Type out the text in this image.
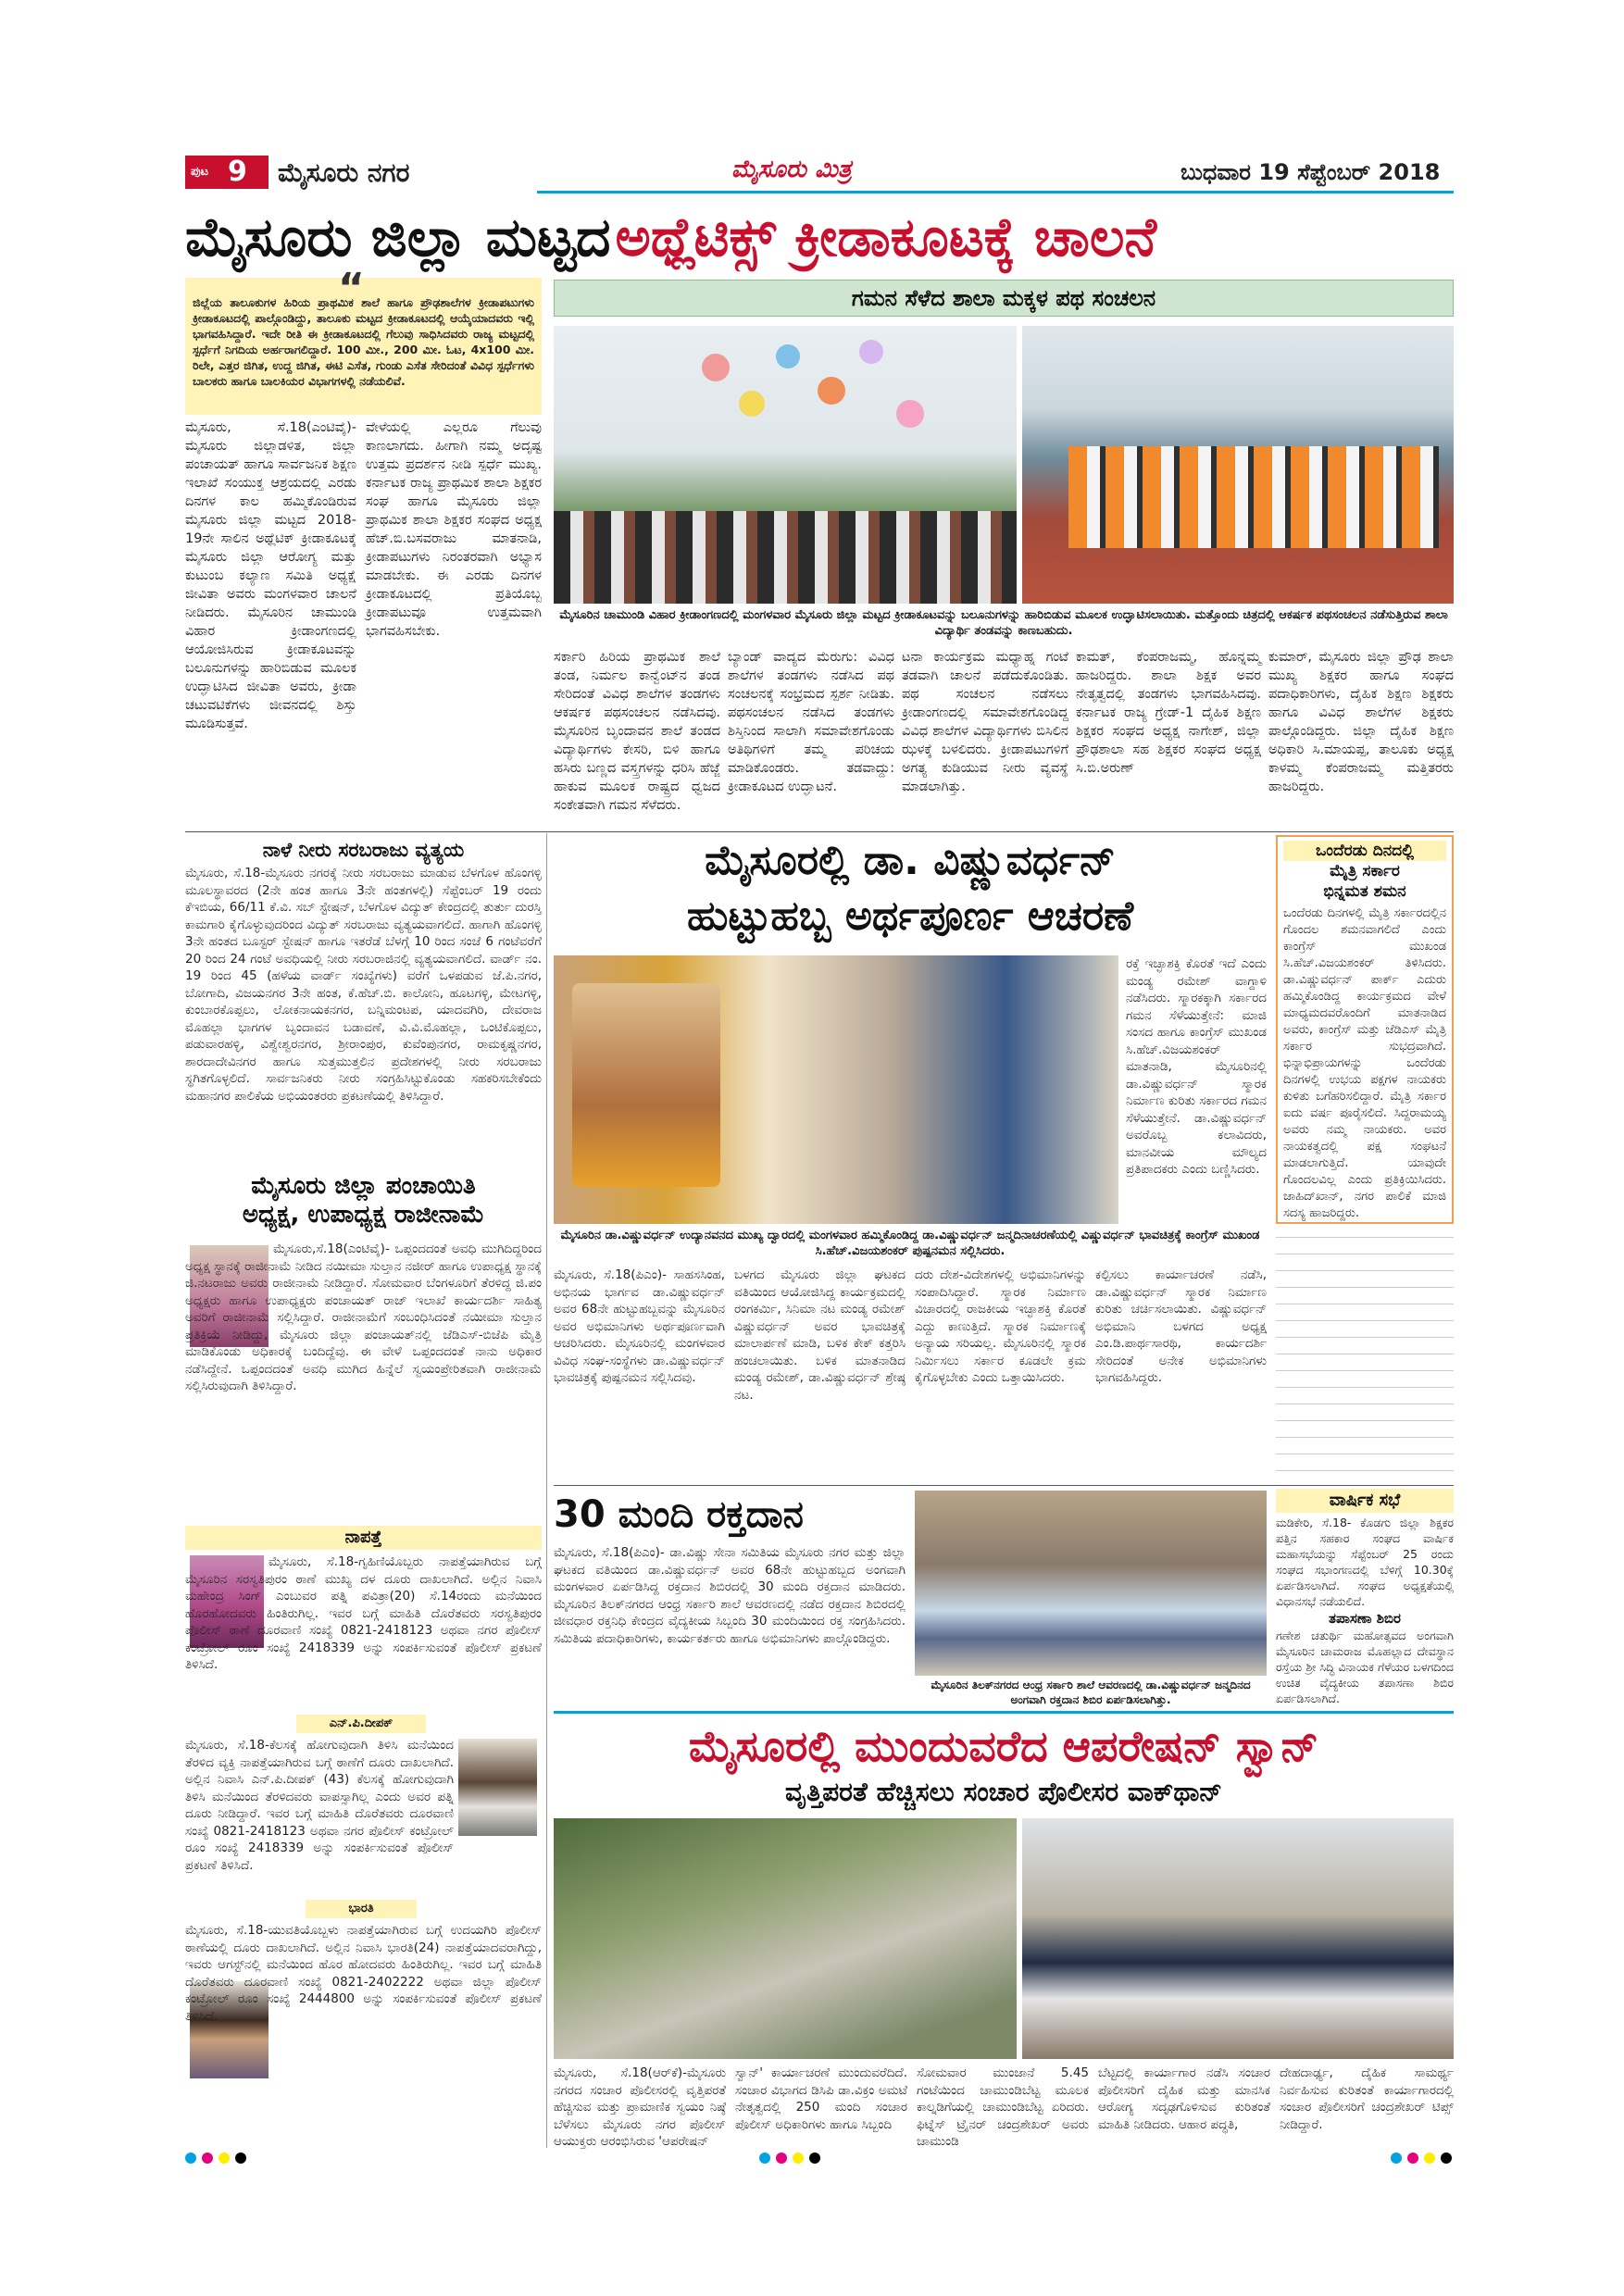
ಪುಟ 9 ಮೈಸೂರು ನಗರ	ಮೈಸೂರು ಮಿತ್ರ	ಬುಧವಾರ 19 ಸೆಪ್ಟೆಂಬರ್ 2018
ಮೈಸೂರು ಜಿಲ್ಲಾ ಮಟ್ಟದ ಅಥ್ಲೆಟಿಕ್ಸ್ ಕ್ರೀಡಾಕೂಟಕ್ಕೆ ಚಾಲನೆ
“
ಜಿಲ್ಲೆಯ ತಾಲೂಕುಗಳ ಹಿರಿಯ ಪ್ರಾಥಮಿಕ ಶಾಲೆ ಹಾಗೂ ಪ್ರೌಢಶಾಲೆಗಳ ಕ್ರೀಡಾಪಟುಗಳು ಕ್ರೀಡಾಕೂಟದಲ್ಲಿ ಪಾಲ್ಗೊಂಡಿದ್ದು, ತಾಲೂಕು ಮಟ್ಟದ ಕ್ರೀಡಾಕೂಟದಲ್ಲಿ ಆಯ್ಕೆಯಾದವರು ಇಲ್ಲಿ ಭಾಗವಹಿಸಿದ್ದಾರೆ. ಇದೇ ರೀತಿ ಈ ಕ್ರೀಡಾಕೂಟದಲ್ಲಿ ಗೆಲುವು ಸಾಧಿಸಿದವರು ರಾಜ್ಯ ಮಟ್ಟದಲ್ಲಿ ಸ್ಪರ್ಧೆಗೆ ನಿಗದಿಯ ಅರ್ಹರಾಗಲಿದ್ದಾರೆ. 100 ಮೀ., 200 ಮೀ. ಓಟ, 4x100 ಮೀ. ರಿಲೇ, ಎತ್ತರ ಜಿಗಿತ, ಉದ್ದ ಜಿಗಿತ, ಈಟಿ ಎಸೆತ, ಗುಂಡು ಎಸೆತ ಸೇರಿದಂತೆ ವಿವಿಧ ಸ್ಪರ್ಧೆಗಳು ಬಾಲಕರು ಹಾಗೂ ಬಾಲಕಿಯರ ವಿಭಾಗಗಳಲ್ಲಿ ನಡೆಯಲಿವೆ.
ಗಮನ ಸೆಳೆದ ಶಾಲಾ ಮಕ್ಕಳ ಪಥ ಸಂಚಲನ
ಮೈಸೂರಿನ ಚಾಮುಂಡಿ ವಿಹಾರ ಕ್ರೀಡಾಂಗಣದಲ್ಲಿ ಮಂಗಳವಾರ ಮೈಸೂರು ಜಿಲ್ಲಾ ಮಟ್ಟದ ಕ್ರೀಡಾಕೂಟವನ್ನು ಬಲೂನುಗಳನ್ನು ಹಾರಿಬಿಡುವ ಮೂಲಕ ಉದ್ಘಾಟಿಸಲಾಯಿತು. ಮತ್ತೊಂದು ಚಿತ್ರದಲ್ಲಿ ಆಕರ್ಷಕ ಪಥಸಂಚಲನ ನಡೆಸುತ್ತಿರುವ ಶಾಲಾ ವಿದ್ಯಾರ್ಥಿ ತಂಡವನ್ನು ಕಾಣಬಹುದು.
ಮೈಸೂರು, ಸೆ.18(ಎಂಟಿವೈ)- ಮೈಸೂರು ಜಿಲ್ಲಾಡಳಿತ, ಜಿಲ್ಲಾ ಪಂಚಾಯತ್ ಹಾಗೂ ಸಾರ್ವಜನಿಕ ಶಿಕ್ಷಣ ಇಲಾಖೆ ಸಂಯುಕ್ತ ಆಶ್ರಯದಲ್ಲಿ ಎರಡು ದಿನಗಳ ಕಾಲ ಹಮ್ಮಿಕೊಂಡಿರುವ ಮೈಸೂರು ಜಿಲ್ಲಾ ಮಟ್ಟದ 2018-19ನೇ ಸಾಲಿನ ಅಥ್ಲೆಟಿಕ್ ಕ್ರೀಡಾಕೂಟಕ್ಕೆ ಮೈಸೂರು ಜಿಲ್ಲಾ ಆರೋಗ್ಯ ಮತ್ತು ಕುಟುಂಬ ಕಲ್ಯಾಣ ಸಮಿತಿ ಅಧ್ಯಕ್ಷೆ ಜೀವಿತಾ ಅವರು ಮಂಗಳವಾರ ಚಾಲನೆ ನೀಡಿದರು. ಮೈಸೂರಿನ ಚಾಮುಂಡಿ ವಿಹಾರ ಕ್ರೀಡಾಂಗಣದಲ್ಲಿ ಆಯೋಜಿಸಿರುವ ಕ್ರೀಡಾಕೂಟವನ್ನು ಬಲೂನುಗಳನ್ನು ಹಾರಿಬಿಡುವ ಮೂಲಕ ಉದ್ಘಾಟಿಸಿದ ಜೀವಿತಾ ಅವರು, ಕ್ರೀಡಾ ಚಟುವಟಿಕೆಗಳು ಜೀವನದಲ್ಲಿ ಶಿಸ್ತು ಮೂಡಿಸುತ್ತವೆ.
ವೇಳೆಯಲ್ಲಿ ಎಲ್ಲರೂ ಗೆಲುವು ಕಾಣಲಾಗದು. ಹೀಗಾಗಿ ನಮ್ಮ ಅದೃಷ್ಟ ಉತ್ತಮ ಪ್ರದರ್ಶನ ನೀಡಿ ಸ್ಪರ್ಧೆ ಮುಖ್ಯ. ಕರ್ನಾಟಕ ರಾಜ್ಯ ಪ್ರಾಥಮಿಕ ಶಾಲಾ ಶಿಕ್ಷಕರ ಸಂಘ ಹಾಗೂ ಮೈಸೂರು ಜಿಲ್ಲಾ ಪ್ರಾಥಮಿಕ ಶಾಲಾ ಶಿಕ್ಷಕರ ಸಂಘದ ಅಧ್ಯಕ್ಷ ಹೆಚ್.ಬಿ.ಬಸವರಾಜು ಮಾತನಾಡಿ, ಕ್ರೀಡಾಪಟುಗಳು ನಿರಂತರವಾಗಿ ಅಭ್ಯಾಸ ಮಾಡಬೇಕು. ಈ ಎರಡು ದಿನಗಳ ಕ್ರೀಡಾಕೂಟದಲ್ಲಿ ಪ್ರತಿಯೊಬ್ಬ ಕ್ರೀಡಾಪಟುವೂ ಉತ್ತಮವಾಗಿ ಭಾಗವಹಿಸಬೇಕು.
ಸರ್ಕಾರಿ ಹಿರಿಯ ಪ್ರಾಥಮಿಕ ಶಾಲೆ ತಂಡ, ನಿರ್ಮಲ ಕಾನ್ವೆಂಟ್‌ನ ತಂಡ ಸೇರಿದಂತೆ ವಿವಿಧ ಶಾಲೆಗಳ ತಂಡಗಳು ಆಕರ್ಷಕ ಪಥಸಂಚಲನ ನಡೆಸಿದವು. ಮೈಸೂರಿನ ಬೃಂದಾವನ ಶಾಲೆ ತಂಡದ ವಿದ್ಯಾರ್ಥಿಗಳು ಕೇಸರಿ, ಬಿಳಿ ಹಾಗೂ ಹಸಿರು ಬಣ್ಣದ ವಸ್ತ್ರಗಳನ್ನು ಧರಿಸಿ ಹೆಜ್ಜೆ ಹಾಕುವ ಮೂಲಕ ರಾಷ್ಟ್ರದ ಧ್ವಜದ ಸಂಕೇತವಾಗಿ ಗಮನ ಸೆಳೆದರು.
ಬ್ಯಾಂಡ್ ವಾದ್ಯದ ಮೆರುಗು: ವಿವಿಧ ಶಾಲೆಗಳ ತಂಡಗಳು ನಡೆಸಿದ ಪಥ ಸಂಚಲನಕ್ಕೆ ಸಂಭ್ರಮದ ಸ್ಪರ್ಶ ನೀಡಿತು. ಪಥಸಂಚಲನ ನಡೆಸಿದ ತಂಡಗಳು ಶಿಸ್ತಿನಿಂದ ಸಾಲಾಗಿ ಸಮಾವೇಶಗೊಂಡು ಅತಿಥಿಗಳಿಗೆ ತಮ್ಮ ಪರಿಚಯ ಮಾಡಿಕೊಂಡರು. ತಡವಾದ್ದು: ಕ್ರೀಡಾಕೂಟದ ಉದ್ಘಾಟನೆ.
ಟನಾ ಕಾರ್ಯಕ್ರಮ ಮಧ್ಯಾಹ್ನ ಗಂಟೆ ತಡವಾಗಿ ಚಾಲನೆ ಪಡೆದುಕೊಂಡಿತು. ಪಥ ಸಂಚಲನ ನಡೆಸಲು ಕ್ರೀಡಾಂಗಣದಲ್ಲಿ ಸಮಾವೇಶಗೊಂಡಿದ್ದ ವಿವಿಧ ಶಾಲೆಗಳ ವಿದ್ಯಾರ್ಥಿಗಳು ಬಿಸಿಲಿನ ಝಳಕ್ಕೆ ಬಳಲಿದರು. ಕ್ರೀಡಾಪಟುಗಳಿಗೆ ಅಗತ್ಯ ಕುಡಿಯುವ ನೀರು ವ್ಯವಸ್ಥೆ ಮಾಡಲಾಗಿತ್ತು.
ಕಾಮತ್, ಕೆಂಪರಾಜಮ್ಮ, ಹೊನ್ನಮ್ಮ ಹಾಜರಿದ್ದರು. ಶಾಲಾ ಶಿಕ್ಷಕ ಅವರ ನೇತೃತ್ವದಲ್ಲಿ ತಂಡಗಳು ಭಾಗವಹಿಸಿದವು. ಕರ್ನಾಟಕ ರಾಜ್ಯ ಗ್ರೇಡ್-1 ದೈಹಿಕ ಶಿಕ್ಷಣ ಶಿಕ್ಷಕರ ಸಂಘದ ಅಧ್ಯಕ್ಷ ನಾಗೇಶ್, ಜಿಲ್ಲಾ ಪ್ರೌಢಶಾಲಾ ಸಹ ಶಿಕ್ಷಕರ ಸಂಘದ ಅಧ್ಯಕ್ಷ ಸಿ.ಬಿ.ಅರುಣ್
ಕುಮಾರ್, ಮೈಸೂರು ಜಿಲ್ಲಾ ಪ್ರೌಢ ಶಾಲಾ ಮುಖ್ಯ ಶಿಕ್ಷಕರ ಹಾಗೂ ಸಂಘದ ಪದಾಧಿಕಾರಿಗಳು, ದೈಹಿಕ ಶಿಕ್ಷಣ ಶಿಕ್ಷಕರು ಹಾಗೂ ವಿವಿಧ ಶಾಲೆಗಳ ಶಿಕ್ಷಕರು ಪಾಲ್ಗೊಂಡಿದ್ದರು. ಜಿಲ್ಲಾ ದೈಹಿಕ ಶಿಕ್ಷಣ ಅಧಿಕಾರಿ ಸಿ.ಮಾಯಪ್ಪ, ತಾಲೂಕು ಅಧ್ಯಕ್ಷ ಕಾಳಮ್ಮ ಕೆಂಪರಾಜಮ್ಮ ಮತ್ತಿತರರು ಹಾಜರಿದ್ದರು.
ನಾಳೆ ನೀರು ಸರಬರಾಜು ವ್ಯತ್ಯಯ
ಮೈಸೂರು, ಸೆ.18-ಮೈಸೂರು ನಗರಕ್ಕೆ ನೀರು ಸರಬರಾಜು ಮಾಡುವ ಬೆಳಗೊಳ ಹೊಂಗಳ್ಳಿ ಮೂಲಸ್ಥಾವರದ (2ನೇ ಹಂತ ಹಾಗೂ 3ನೇ ಹಂತಗಳಲ್ಲಿ) ಸೆಪ್ಟೆಂಬರ್ 19 ರಂದು ಕೆಇಬಿಯ, 66/11 ಕೆ.ವಿ. ಸಬ್ ಸ್ಟೇಷನ್, ಬೆಳಗೊಳ ವಿದ್ಯುತ್ ಕೇಂದ್ರದಲ್ಲಿ ತುರ್ತು ದುರಸ್ತಿ ಕಾಮಗಾರಿ ಕೈಗೊಳ್ಳುವುದರಿಂದ ವಿದ್ಯುತ್ ಸರಬರಾಜು ವ್ಯತ್ಯಯವಾಗಲಿದೆ. ಹಾಗಾಗಿ ಹೊಂಗಳ್ಳಿ 3ನೇ ಹಂತದ ಬೂಸ್ಟರ್ ಸ್ಟೇಷನ್ ಹಾಗೂ ಇತರೆಡೆ ಬೆಳಗ್ಗೆ 10 ರಿಂದ ಸಂಜೆ 6 ಗಂಟೆವರೆಗೆ 20 ರಿಂದ 24 ಗಂಟೆ ಅವಧಿಯಲ್ಲಿ ನೀರು ಸರಬರಾಜಿನಲ್ಲಿ ವ್ಯತ್ಯಯವಾಗಲಿದೆ. ವಾರ್ಡ್ ನಂ. 19 ರಿಂದ 45 (ಹಳೆಯ ವಾರ್ಡ್ ಸಂಖ್ಯೆಗಳು) ವರೆಗೆ ಒಳಪಡುವ ಜೆ.ಪಿ.ನಗರ, ಬೋಗಾದಿ, ವಿಜಯನಗರ 3ನೇ ಹಂತ, ಕೆ.ಹೆಚ್.ಬಿ. ಕಾಲೋನಿ, ಹೂಟಗಳ್ಳಿ, ಮೇಟಗಳ್ಳಿ, ಕುಂಬಾರಕೊಪ್ಪಲು, ಲೋಕನಾಯಕನಗರ, ಬನ್ನಿಮಂಟಪ, ಯಾದವಗಿರಿ, ದೇವರಾಜ ಮೊಹಲ್ಲಾ ಭಾಗಗಳ ಬೃಂದಾವನ ಬಡಾವಣೆ, ವಿ.ವಿ.ಮೊಹಲ್ಲಾ, ಒಂಟಿಕೊಪ್ಪಲು, ಪಡುವಾರಹಳ್ಳಿ, ವಿಶ್ವೇಶ್ವರನಗರ, ಶ್ರೀರಾಂಪುರ, ಕುವೆಂಪುನಗರ, ರಾಮಕೃಷ್ಣನಗರ, ಶಾರದಾದೇವಿನಗರ ಹಾಗೂ ಸುತ್ತಮುತ್ತಲಿನ ಪ್ರದೇಶಗಳಲ್ಲಿ ನೀರು ಸರಬರಾಜು ಸ್ಥಗಿತಗೊಳ್ಳಲಿದೆ. ಸಾರ್ವಜನಿಕರು ನೀರು ಸಂಗ್ರಹಿಸಿಟ್ಟುಕೊಂಡು ಸಹಕರಿಸಬೇಕೆಂದು ಮಹಾನಗರ ಪಾಲಿಕೆಯ ಅಭಿಯಂತರರು ಪ್ರಕಟಣೆಯಲ್ಲಿ ತಿಳಿಸಿದ್ದಾರೆ.
ಮೈಸೂರು ಜಿಲ್ಲಾ ಪಂಚಾಯಿತಿ
ಅಧ್ಯಕ್ಷ, ಉಪಾಧ್ಯಕ್ಷ ರಾಜೀನಾಮೆ
ಮೈಸೂರು,ಸೆ.18(ಎಂಟಿವೈ)- ಒಪ್ಪಂದದಂತೆ ಅವಧಿ ಮುಗಿದಿದ್ದರಿಂದ ಅಧ್ಯಕ್ಷ ಸ್ಥಾನಕ್ಕೆ ರಾಜೀನಾಮೆ ನೀಡಿದ ನಯೀಮಾ ಸುಲ್ತಾನ ನಜೀರ್ ಹಾಗೂ ಉಪಾಧ್ಯಕ್ಷ ಸ್ಥಾನಕ್ಕೆ ಜಿ.ನಟರಾಜು ಅವರು ರಾಜೀನಾಮೆ ನೀಡಿದ್ದಾರೆ. ಸೋಮವಾರ ಬೆಂಗಳೂರಿಗೆ ತೆರಳಿದ್ದ ಜಿ.ಪಂ ಅಧ್ಯಕ್ಷರು ಹಾಗೂ ಉಪಾಧ್ಯಕ್ಷರು ಪಂಚಾಯತ್ ರಾಜ್ ಇಲಾಖೆ ಕಾರ್ಯದರ್ಶಿ ಸಾಹಿತ್ಯ ಅವರಿಗೆ ರಾಜೀನಾಮೆ ಸಲ್ಲಿಸಿದ್ದಾರೆ. ರಾಜೀನಾಮೆಗೆ ಸಂಬಂಧಿಸಿದಂತೆ ನಯೀಮಾ ಸುಲ್ತಾನ ಪ್ರತಿಕ್ರಿಯೆ ನೀಡಿದ್ದು, ಮೈಸೂರು ಜಿಲ್ಲಾ ಪಂಚಾಯತ್‌ನಲ್ಲಿ ಜೆಡಿಎಸ್-ಬಿಜೆಪಿ ಮೈತ್ರಿ ಮಾಡಿಕೊಂಡು ಅಧಿಕಾರಕ್ಕೆ ಬಂದಿದ್ದೆವು. ಈ ವೇಳೆ ಒಪ್ಪಂದದಂತೆ ನಾನು ಅಧಿಕಾರ ನಡೆಸಿದ್ದೇನೆ. ಒಪ್ಪಂದದಂತೆ ಅವಧಿ ಮುಗಿದ ಹಿನ್ನೆಲೆ ಸ್ವಯಂಪ್ರೇರಿತವಾಗಿ ರಾಜೀನಾಮೆ ಸಲ್ಲಿಸಿರುವುದಾಗಿ ತಿಳಿಸಿದ್ದಾರೆ.
ನಾಪತ್ತೆ
ಮೈಸೂರು, ಸೆ.18-ಗೃಹಿಣಿಯೊಬ್ಬರು ನಾಪತ್ತೆಯಾಗಿರುವ ಬಗ್ಗೆ ಮೈಸೂರಿನ ಸರಸ್ವತಿಪುರಂ ಠಾಣೆ ಮುಖ್ಯ ದಳ ದೂರು ದಾಖಲಾಗಿದೆ. ಅಲ್ಲಿನ ನಿವಾಸಿ ಮಹೇಂದ್ರ ಸಿಂಗ್ ಎಂಬುವರ ಪತ್ನಿ ಪವಿತ್ರಾ(20) ಸೆ.14ರಂದು ಮನೆಯಿಂದ ಹೊರಹೋದವರು ಹಿಂತಿರುಗಿಲ್ಲ. ಇವರ ಬಗ್ಗೆ ಮಾಹಿತಿ ದೊರೆತವರು ಸರಸ್ವತಿಪುರಂ ಪೊಲೀಸ್ ಠಾಣೆ ದೂರವಾಣಿ ಸಂಖ್ಯೆ 0821-2418123 ಅಥವಾ ನಗರ ಪೊಲೀಸ್ ಕಂಟ್ರೋಲ್ ರೂಂ ಸಂಖ್ಯೆ 2418339 ಅನ್ನು ಸಂಪರ್ಕಿಸುವಂತೆ ಪೊಲೀಸ್ ಪ್ರಕಟಣೆ ತಿಳಿಸಿದೆ.
ಎನ್.ಪಿ.ದೀಪಕ್
ಮೈಸೂರು, ಸೆ.18-ಕೆಲಸಕ್ಕೆ ಹೋಗುವುದಾಗಿ ತಿಳಿಸಿ ಮನೆಯಿಂದ ತೆರಳಿದ ವ್ಯಕ್ತಿ ನಾಪತ್ತೆಯಾಗಿರುವ ಬಗ್ಗೆ ಠಾಣೆಗೆ ದೂರು ದಾಖಲಾಗಿದೆ. ಅಲ್ಲಿನ ನಿವಾಸಿ ಎನ್.ಪಿ.ದೀಪಕ್ (43) ಕೆಲಸಕ್ಕೆ ಹೋಗುವುದಾಗಿ ತಿಳಿಸಿ ಮನೆಯಿಂದ ತೆರಳಿದವರು ವಾಪಸ್ಸಾಗಿಲ್ಲ ಎಂದು ಅವರ ಪತ್ನಿ ದೂರು ನೀಡಿದ್ದಾರೆ. ಇವರ ಬಗ್ಗೆ ಮಾಹಿತಿ ದೊರೆತವರು ದೂರವಾಣಿ ಸಂಖ್ಯೆ 0821-2418123 ಅಥವಾ ನಗರ ಪೊಲೀಸ್ ಕಂಟ್ರೋಲ್ ರೂಂ ಸಂಖ್ಯೆ 2418339 ಅನ್ನು ಸಂಪರ್ಕಿಸುವಂತೆ ಪೊಲೀಸ್ ಪ್ರಕಟಣೆ ತಿಳಿಸಿದೆ.
ಭಾರತಿ
ಮೈಸೂರು, ಸೆ.18-ಯುವತಿಯೊಬ್ಬಳು ನಾಪತ್ತೆಯಾಗಿರುವ ಬಗ್ಗೆ ಉದಯಗಿರಿ ಪೊಲೀಸ್ ಠಾಣೆಯಲ್ಲಿ ದೂರು ದಾಖಲಾಗಿದೆ. ಅಲ್ಲಿನ ನಿವಾಸಿ ಭಾರತಿ(24) ನಾಪತ್ತೆಯಾದವರಾಗಿದ್ದು, ಇವರು ಆಗಸ್ಟ್‌ನಲ್ಲಿ ಮನೆಯಿಂದ ಹೊರ ಹೋದವರು ಹಿಂತಿರುಗಿಲ್ಲ. ಇವರ ಬಗ್ಗೆ ಮಾಹಿತಿ ದೊರೆತವರು ದೂರವಾಣಿ ಸಂಖ್ಯೆ 0821-2402222 ಅಥವಾ ಜಿಲ್ಲಾ ಪೊಲೀಸ್ ಕಂಟ್ರೋಲ್ ರೂಂ ಸಂಖ್ಯೆ 2444800 ಅನ್ನು ಸಂಪರ್ಕಿಸುವಂತೆ ಪೊಲೀಸ್ ಪ್ರಕಟಣೆ ತಿಳಿಸಿದೆ.
ಮೈಸೂರಲ್ಲಿ ಡಾ. ವಿಷ್ಣುವರ್ಧನ್
ಹುಟ್ಟುಹಬ್ಬ ಅರ್ಥಪೂರ್ಣ ಆಚರಣೆ
ಮೈಸೂರಿನ ಡಾ.ವಿಷ್ಣುವರ್ಧನ್ ಉದ್ಯಾನವನದ ಮುಖ್ಯ ದ್ವಾರದಲ್ಲಿ ಮಂಗಳವಾರ ಹಮ್ಮಿಕೊಂಡಿದ್ದ ಡಾ.ವಿಷ್ಣುವರ್ಧನ್ ಜನ್ಮದಿನಾಚರಣೆಯಲ್ಲಿ ವಿಷ್ಣುವರ್ಧನ್ ಭಾವಚಿತ್ರಕ್ಕೆ ಕಾಂಗ್ರೆಸ್ ಮುಖಂಡ ಸಿ.ಹೆಚ್.ವಿಜಯಶಂಕರ್ ಪುಷ್ಪನಮನ ಸಲ್ಲಿಸಿದರು.
ರಕ್ತೆ ಇಚ್ಛಾಶಕ್ತಿ ಕೊರತೆ ಇದೆ ಎಂದು ಮಂಡ್ಯ ರಮೇಶ್ ವಾಗ್ದಾಳಿ ನಡೆಸಿದರು. ಸ್ಮಾರಕಕ್ಕಾಗಿ ಸರ್ಕಾರದ ಗಮನ ಸೆಳೆಯುತ್ತೇನೆ: ಮಾಜಿ ಸಂಸದ ಹಾಗೂ ಕಾಂಗ್ರೆಸ್ ಮುಖಂಡ ಸಿ.ಹೆಚ್.ವಿಜಯಶಂಕರ್ ಮಾತನಾಡಿ, ಮೈಸೂರಿನಲ್ಲಿ ಡಾ.ವಿಷ್ಣುವರ್ಧನ್ ಸ್ಮಾರಕ ನಿರ್ಮಾಣ ಕುರಿತು ಸರ್ಕಾರದ ಗಮನ ಸೆಳೆಯುತ್ತೇನೆ. ಡಾ.ವಿಷ್ಣುವರ್ಧನ್ ಅವರೊಬ್ಬ ಕಲಾವಿದರು, ಮಾನವೀಯ ಮೌಲ್ಯದ ಪ್ರತಿಪಾದಕರು ಎಂದು ಬಣ್ಣಿಸಿದರು.
ಮೈಸೂರು, ಸೆ.18(ಪಿಎಂ)- ಸಾಹಸಸಿಂಹ, ಅಭಿನಯ ಭಾರ್ಗವ ಡಾ.ವಿಷ್ಣುವರ್ಧನ್ ಅವರ 68ನೇ ಹುಟ್ಟುಹಬ್ಬವನ್ನು ಮೈಸೂರಿನ ಅವರ ಅಭಿಮಾನಿಗಳು ಅರ್ಥಪೂರ್ಣವಾಗಿ ಆಚರಿಸಿದರು. ಮೈಸೂರಿನಲ್ಲಿ ಮಂಗಳವಾರ ವಿವಿಧ ಸಂಘ-ಸಂಸ್ಥೆಗಳು ಡಾ.ವಿಷ್ಣುವರ್ಧನ್ ಭಾವಚಿತ್ರಕ್ಕೆ ಪುಷ್ಪನಮನ ಸಲ್ಲಿಸಿದವು.
ಬಳಗದ ಮೈಸೂರು ಜಿಲ್ಲಾ ಘಟಕದ ವತಿಯಿಂದ ಆಯೋಜಿಸಿದ್ದ ಕಾರ್ಯಕ್ರಮದಲ್ಲಿ ರಂಗಕರ್ಮಿ, ಸಿನಿಮಾ ನಟ ಮಂಡ್ಯ ರಮೇಶ್ ವಿಷ್ಣುವರ್ಧನ್ ಅವರ ಭಾವಚಿತ್ರಕ್ಕೆ ಮಾಲಾರ್ಪಣೆ ಮಾಡಿ, ಬಳಿಕ ಕೇಕ್ ಕತ್ತರಿಸಿ ಹಂಚಲಾಯಿತು. ಬಳಿಕ ಮಾತನಾಡಿದ ಮಂಡ್ಯ ರಮೇಶ್, ಡಾ.ವಿಷ್ಣುವರ್ಧನ್ ಶ್ರೇಷ್ಠ ನಟ.
ದರು ದೇಶ-ವಿದೇಶಗಳಲ್ಲಿ ಅಭಿಮಾನಿಗಳನ್ನು ಸಂಪಾದಿಸಿದ್ದಾರೆ. ಸ್ಮಾರಕ ನಿರ್ಮಾಣ ವಿಚಾರದಲ್ಲಿ ರಾಜಕೀಯ ಇಚ್ಛಾಶಕ್ತಿ ಕೊರತೆ ಎದ್ದು ಕಾಣುತ್ತಿದೆ. ಸ್ಮಾರಕ ನಿರ್ಮಾಣಕ್ಕೆ ಅನ್ಯಾಯ ಸರಿಯಲ್ಲ. ಮೈಸೂರಿನಲ್ಲಿ ಸ್ಮಾರಕ ನಿರ್ಮಿಸಲು ಸರ್ಕಾರ ಕೂಡಲೇ ಕ್ರಮ ಕೈಗೊಳ್ಳಬೇಕು ಎಂದು ಒತ್ತಾಯಿಸಿದರು.
ಕಲ್ಪಿಸಲು ಕಾರ್ಯಾಚರಣೆ ನಡೆಸಿ, ಡಾ.ವಿಷ್ಣುವರ್ಧನ್ ಸ್ಮಾರಕ ನಿರ್ಮಾಣ ಕುರಿತು ಚರ್ಚಿಸಲಾಯಿತು. ವಿಷ್ಣುವರ್ಧನ್ ಅಭಿಮಾನಿ ಬಳಗದ ಅಧ್ಯಕ್ಷ ಎಂ.ಡಿ.ಪಾರ್ಥಸಾರಥಿ, ಕಾರ್ಯದರ್ಶಿ ಸೇರಿದಂತೆ ಅನೇಕ ಅಭಿಮಾನಿಗಳು ಭಾಗವಹಿಸಿದ್ದರು.
ಒಂದೆರಡು ದಿನದಲ್ಲಿ
ಮೈತ್ರಿ ಸರ್ಕಾರ
ಭಿನ್ನಮತ ಶಮನ
ಒಂದೆರಡು ದಿನಗಳಲ್ಲಿ ಮೈತ್ರಿ ಸರ್ಕಾರದಲ್ಲಿನ ಗೊಂದಲ ಶಮನವಾಗಲಿದೆ ಎಂದು ಕಾಂಗ್ರೆಸ್ ಮುಖಂಡ ಸಿ.ಹೆಚ್.ವಿಜಯಶಂಕರ್ ತಿಳಿಸಿದರು. ಡಾ.ವಿಷ್ಣುವರ್ಧನ್ ಪಾರ್ಕ್ ಎದುರು ಹಮ್ಮಿಕೊಂಡಿದ್ದ ಕಾರ್ಯಕ್ರಮದ ವೇಳೆ ಮಾಧ್ಯಮದವರೊಂದಿಗೆ ಮಾತನಾಡಿದ ಅವರು, ಕಾಂಗ್ರೆಸ್ ಮತ್ತು ಜೆಡಿಎಸ್ ಮೈತ್ರಿ ಸರ್ಕಾರ ಸುಭದ್ರವಾಗಿದೆ. ಭಿನ್ನಾಭಿಪ್ರಾಯಗಳನ್ನು ಒಂದೆರಡು ದಿನಗಳಲ್ಲಿ ಉಭಯ ಪಕ್ಷಗಳ ನಾಯಕರು ಕುಳಿತು ಬಗೆಹರಿಸಲಿದ್ದಾರೆ. ಮೈತ್ರಿ ಸರ್ಕಾರ ಐದು ವರ್ಷ ಪೂರೈಸಲಿದೆ. ಸಿದ್ದರಾಮಯ್ಯ ಅವರು ನಮ್ಮ ನಾಯಕರು. ಅವರ ನಾಯಕತ್ವದಲ್ಲಿ ಪಕ್ಷ ಸಂಘಟನೆ ಮಾಡಲಾಗುತ್ತಿದೆ. ಯಾವುದೇ ಗೊಂದಲವಿಲ್ಲ ಎಂದು ಪ್ರತಿಕ್ರಿಯಿಸಿದರು. ಜಾಹಿದ್‌ಖಾನ್, ನಗರ ಪಾಲಿಕೆ ಮಾಜಿ ಸದಸ್ಯ ಹಾಜರಿದ್ದರು.
30 ಮಂದಿ ರಕ್ತದಾನ
ಮೈಸೂರು, ಸೆ.18(ಪಿಎಂ)- ಡಾ.ವಿಷ್ಣು ಸೇನಾ ಸಮಿತಿಯ ಮೈಸೂರು ನಗರ ಮತ್ತು ಜಿಲ್ಲಾ ಘಟಕದ ವತಿಯಿಂದ ಡಾ.ವಿಷ್ಣುವರ್ಧನ್ ಅವರ 68ನೇ ಹುಟ್ಟುಹಬ್ಬದ ಅಂಗವಾಗಿ ಮಂಗಳವಾರ ಏರ್ಪಡಿಸಿದ್ದ ರಕ್ತದಾನ ಶಿಬಿರದಲ್ಲಿ 30 ಮಂದಿ ರಕ್ತದಾನ ಮಾಡಿದರು. ಮೈಸೂರಿನ ತಿಲಕ್‌ನಗರದ ಆಂಧ್ರ ಸರ್ಕಾರಿ ಶಾಲೆ ಆವರಣದಲ್ಲಿ ನಡೆದ ರಕ್ತದಾನ ಶಿಬಿರದಲ್ಲಿ ಜೀವಧಾರ ರಕ್ತನಿಧಿ ಕೇಂದ್ರದ ವೈದ್ಯಕೀಯ ಸಿಬ್ಬಂದಿ 30 ಮಂದಿಯಿಂದ ರಕ್ತ ಸಂಗ್ರಹಿಸಿದರು. ಸಮಿತಿಯ ಪದಾಧಿಕಾರಿಗಳು, ಕಾರ್ಯಕರ್ತರು ಹಾಗೂ ಅಭಿಮಾನಿಗಳು ಪಾಲ್ಗೊಂಡಿದ್ದರು.
ಮೈಸೂರಿನ ತಿಲಕ್‌ನಗರದ ಆಂಧ್ರ ಸರ್ಕಾರಿ ಶಾಲೆ ಆವರಣದಲ್ಲಿ ಡಾ.ವಿಷ್ಣುವರ್ಧನ್ ಜನ್ಮದಿನದ ಅಂಗವಾಗಿ ರಕ್ತದಾನ ಶಿಬಿರ ಏರ್ಪಡಿಸಲಾಗಿತ್ತು.
ವಾರ್ಷಿಕ ಸಭೆ
ಮಡಿಕೇರಿ, ಸೆ.18- ಕೊಡಗು ಜಿಲ್ಲಾ ಶಿಕ್ಷಕರ ಪತ್ತಿನ ಸಹಕಾರ ಸಂಘದ ವಾರ್ಷಿಕ ಮಹಾಸಭೆಯನ್ನು ಸೆಪ್ಟೆಂಬರ್ 25 ರಂದು ಸಂಘದ ಸಭಾಂಗಣದಲ್ಲಿ ಬೆಳಿಗ್ಗೆ 10.30ಕ್ಕೆ ಏರ್ಪಡಿಸಲಾಗಿದೆ. ಸಂಘದ ಅಧ್ಯಕ್ಷತೆಯಲ್ಲಿ ವಿಧಾನಸಭೆ ನಡೆಯಲಿದೆ.
ತಪಾಸಣಾ ಶಿಬಿರ
ಗಣೇಶ ಚತುರ್ಥಿ ಮಹೋತ್ಸವದ ಅಂಗವಾಗಿ ಮೈಸೂರಿನ ಚಾಮರಾಜ ಮೊಹಲ್ಲಾದ ದೇವಸ್ಥಾನ ರಸ್ತೆಯ ಶ್ರೀ ಸಿದ್ಧಿ ವಿನಾಯಕ ಗೆಳೆಯರ ಬಳಗದಿಂದ ಉಚಿತ ವೈದ್ಯಕೀಯ ತಪಾಸಣಾ ಶಿಬಿರ ಏರ್ಪಡಿಸಲಾಗಿದೆ.
ಮೈಸೂರಲ್ಲಿ ಮುಂದುವರೆದ ಆಪರೇಷನ್ ಸ್ವಾನ್
ವೃತ್ತಿಪರತೆ ಹೆಚ್ಚಿಸಲು ಸಂಚಾರ ಪೊಲೀಸರ ವಾಕ್‌ಥಾನ್
ಮೈಸೂರು, ಸೆ.18(ಆರ್‌ಕೆ)-ಮೈಸೂರು ನಗರದ ಸಂಚಾರ ಪೊಲೀಸರಲ್ಲಿ ವೃತ್ತಿಪರತೆ ಹೆಚ್ಚಿಸುವ ಮತ್ತು ಪ್ರಾಮಾಣಿಕ ಸ್ವಯಂ ನಿಷ್ಠೆ ಬೆಳೆಸಲು ಮೈಸೂರು ನಗರ ಪೊಲೀಸ್ ಆಯುಕ್ತರು ಆರಂಭಿಸಿರುವ 'ಆಪರೇಷನ್
ಸ್ವಾನ್' ಕಾರ್ಯಾಚರಣೆ ಮುಂದುವರೆದಿದೆ. ಸಂಚಾರ ವಿಭಾಗದ ಡಿಸಿಪಿ ಡಾ.ವಿಕ್ರಂ ಅಮಟೆ ನೇತೃತ್ವದಲ್ಲಿ 250 ಮಂದಿ ಸಂಚಾರ ಪೊಲೀಸ್ ಅಧಿಕಾರಿಗಳು ಹಾಗೂ ಸಿಬ್ಬಂದಿ
ಸೋಮವಾರ ಮುಂಜಾನೆ 5.45 ಗಂಟೆಯಿಂದ ಚಾಮುಂಡಿಬೆಟ್ಟ ಮೂಲಕ ಕಾಲ್ನಡಿಗೆಯಲ್ಲಿ ಚಾಮುಂಡಿಬೆಟ್ಟ ಏರಿದರು. ಫಿಟ್ನೆಸ್ ಟ್ರೈನರ್ ಚಂದ್ರಶೇಖರ್ ಅವರು ಚಾಮುಂಡಿ
ಬೆಟ್ಟದಲ್ಲಿ ಕಾರ್ಯಾಗಾರ ನಡೆಸಿ ಸಂಚಾರ ಪೊಲೀಸರಿಗೆ ದೈಹಿಕ ಮತ್ತು ಮಾನಸಿಕ ಆರೋಗ್ಯ ಸದೃಢಗೊಳಿಸುವ ಕುರಿತಂತೆ ಮಾಹಿತಿ ನೀಡಿದರು. ಆಹಾರ ಪದ್ಧತಿ,
ದೇಹದಾರ್ಢ್ಯ, ದೈಹಿಕ ಸಾಮರ್ಥ್ಯ ನಿರ್ವಹಿಸುವ ಕುರಿತಂತೆ ಕಾರ್ಯಾಗಾರದಲ್ಲಿ ಸಂಚಾರ ಪೊಲೀಸರಿಗೆ ಚಂದ್ರಶೇಖರ್ ಟಿಪ್ಸ್ ನೀಡಿದ್ದಾರೆ.
